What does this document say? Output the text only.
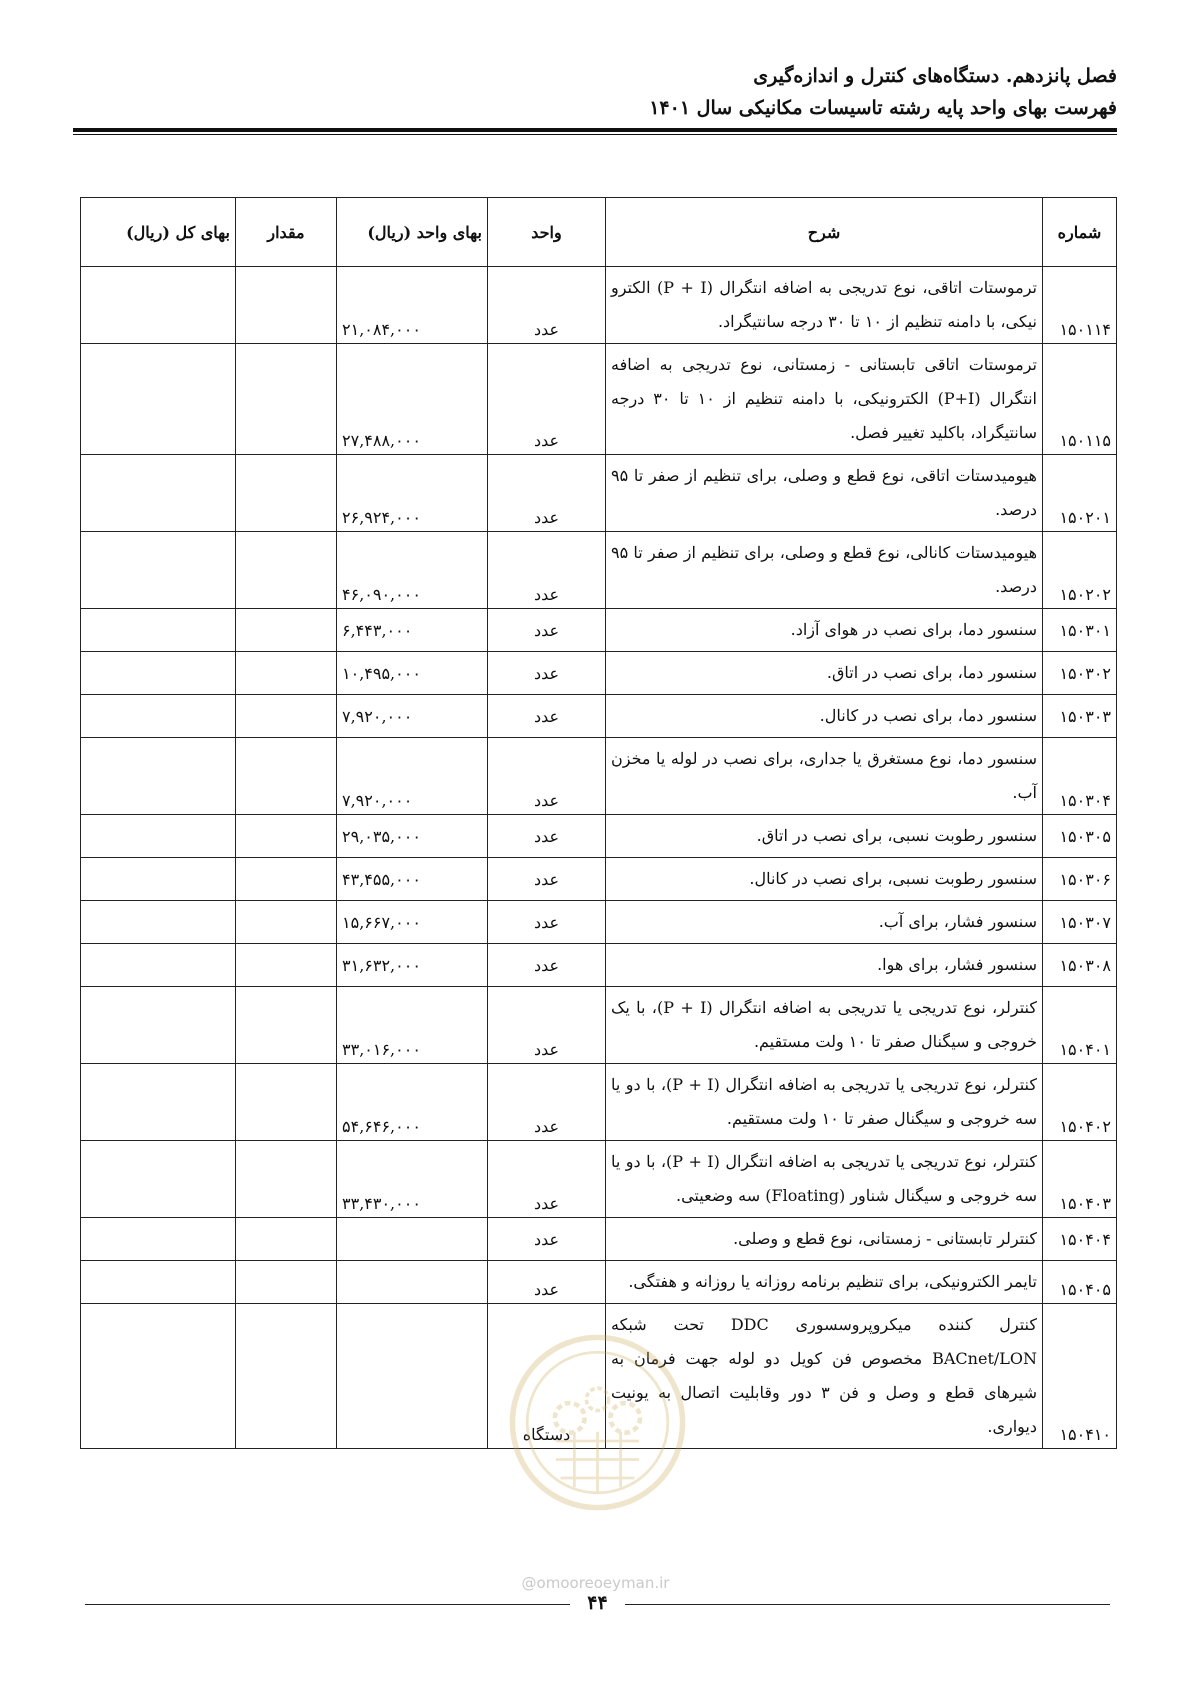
فصل پانزدهم. دستگاه‌های کنترل و اندازه‌گیری
فهرست بهای واحد پایه رشته تاسیسات مکانیکی سال ۱۴۰۱
شماره	شرح	واحد	بهای واحد (ریال)	مقدار	بهای کل (ریال)
۱۵۰۱۱۴	ترموستات اتاقی، نوع تدریجی به اضافه انتگرال (P + I) الکترو نیکی، با دامنه تنظیم از ۱۰ تا ۳۰ درجه سانتیگراد.	عدد	۲۱,۰۸۴,۰۰۰		
۱۵۰۱۱۵	ترموستات اتاقی تابستانی - زمستانی، نوع تدریجی به اضافه انتگرال (P+I) الکترونیکی، با دامنه تنظیم از ۱۰ تا ۳۰ درجه سانتیگراد، باکلید تغییر فصل.	عدد	۲۷,۴۸۸,۰۰۰		
۱۵۰۲۰۱	هیومیدستات اتاقی، نوع قطع و وصلی، برای تنظیم از صفر تا ۹۵ درصد.	عدد	۲۶,۹۲۴,۰۰۰		
۱۵۰۲۰۲	هیومیدستات کانالی، نوع قطع و وصلی، برای تنظیم از صفر تا ۹۵ درصد.	عدد	۴۶,۰۹۰,۰۰۰		
۱۵۰۳۰۱	سنسور دما، برای نصب در هوای آزاد.	عدد	۶,۴۴۳,۰۰۰		
۱۵۰۳۰۲	سنسور دما، برای نصب در اتاق.	عدد	۱۰,۴۹۵,۰۰۰		
۱۵۰۳۰۳	سنسور دما، برای نصب در کانال.	عدد	۷,۹۲۰,۰۰۰		
۱۵۰۳۰۴	سنسور دما، نوع مستغرق یا جداری، برای نصب در لوله یا مخزن آب.	عدد	۷,۹۲۰,۰۰۰		
۱۵۰۳۰۵	سنسور رطوبت نسبی، برای نصب در اتاق.	عدد	۲۹,۰۳۵,۰۰۰		
۱۵۰۳۰۶	سنسور رطوبت نسبی، برای نصب در کانال.	عدد	۴۳,۴۵۵,۰۰۰		
۱۵۰۳۰۷	سنسور فشار، برای آب.	عدد	۱۵,۶۶۷,۰۰۰		
۱۵۰۳۰۸	سنسور فشار، برای هوا.	عدد	۳۱,۶۳۲,۰۰۰		
۱۵۰۴۰۱	کنترلر، نوع تدریجی یا تدریجی به اضافه انتگرال (P + I)، با یک خروجی و سیگنال صفر تا ۱۰ ولت مستقیم.	عدد	۳۳,۰۱۶,۰۰۰		
۱۵۰۴۰۲	کنترلر، نوع تدریجی یا تدریجی به اضافه انتگرال (P + I)، با دو یا سه خروجی و سیگنال صفر تا ۱۰ ولت مستقیم.	عدد	۵۴,۶۴۶,۰۰۰		
۱۵۰۴۰۳	کنترلر، نوع تدریجی یا تدریجی به اضافه انتگرال (P + I)، با دو یا سه خروجی و سیگنال شناور (Floating) سه وضعیتی.	عدد	۳۳,۴۳۰,۰۰۰		
۱۵۰۴۰۴	کنترلر تابستانی - زمستانی، نوع قطع و وصلی.	عدد			
۱۵۰۴۰۵	تایمر الکترونیکی، برای تنظیم برنامه روزانه یا روزانه و هفتگی.	عدد			
۱۵۰۴۱۰	کنترل کننده میکروپروسسوری DDC تحت شبکه BACnet/LON مخصوص فن کویل دو لوله جهت فرمان به شیرهای قطع و وصل و فن ۳ دور وقابلیت اتصال به یونیت دیواری.	دستگاه			
@omooreoeyman.ir
۴۴
